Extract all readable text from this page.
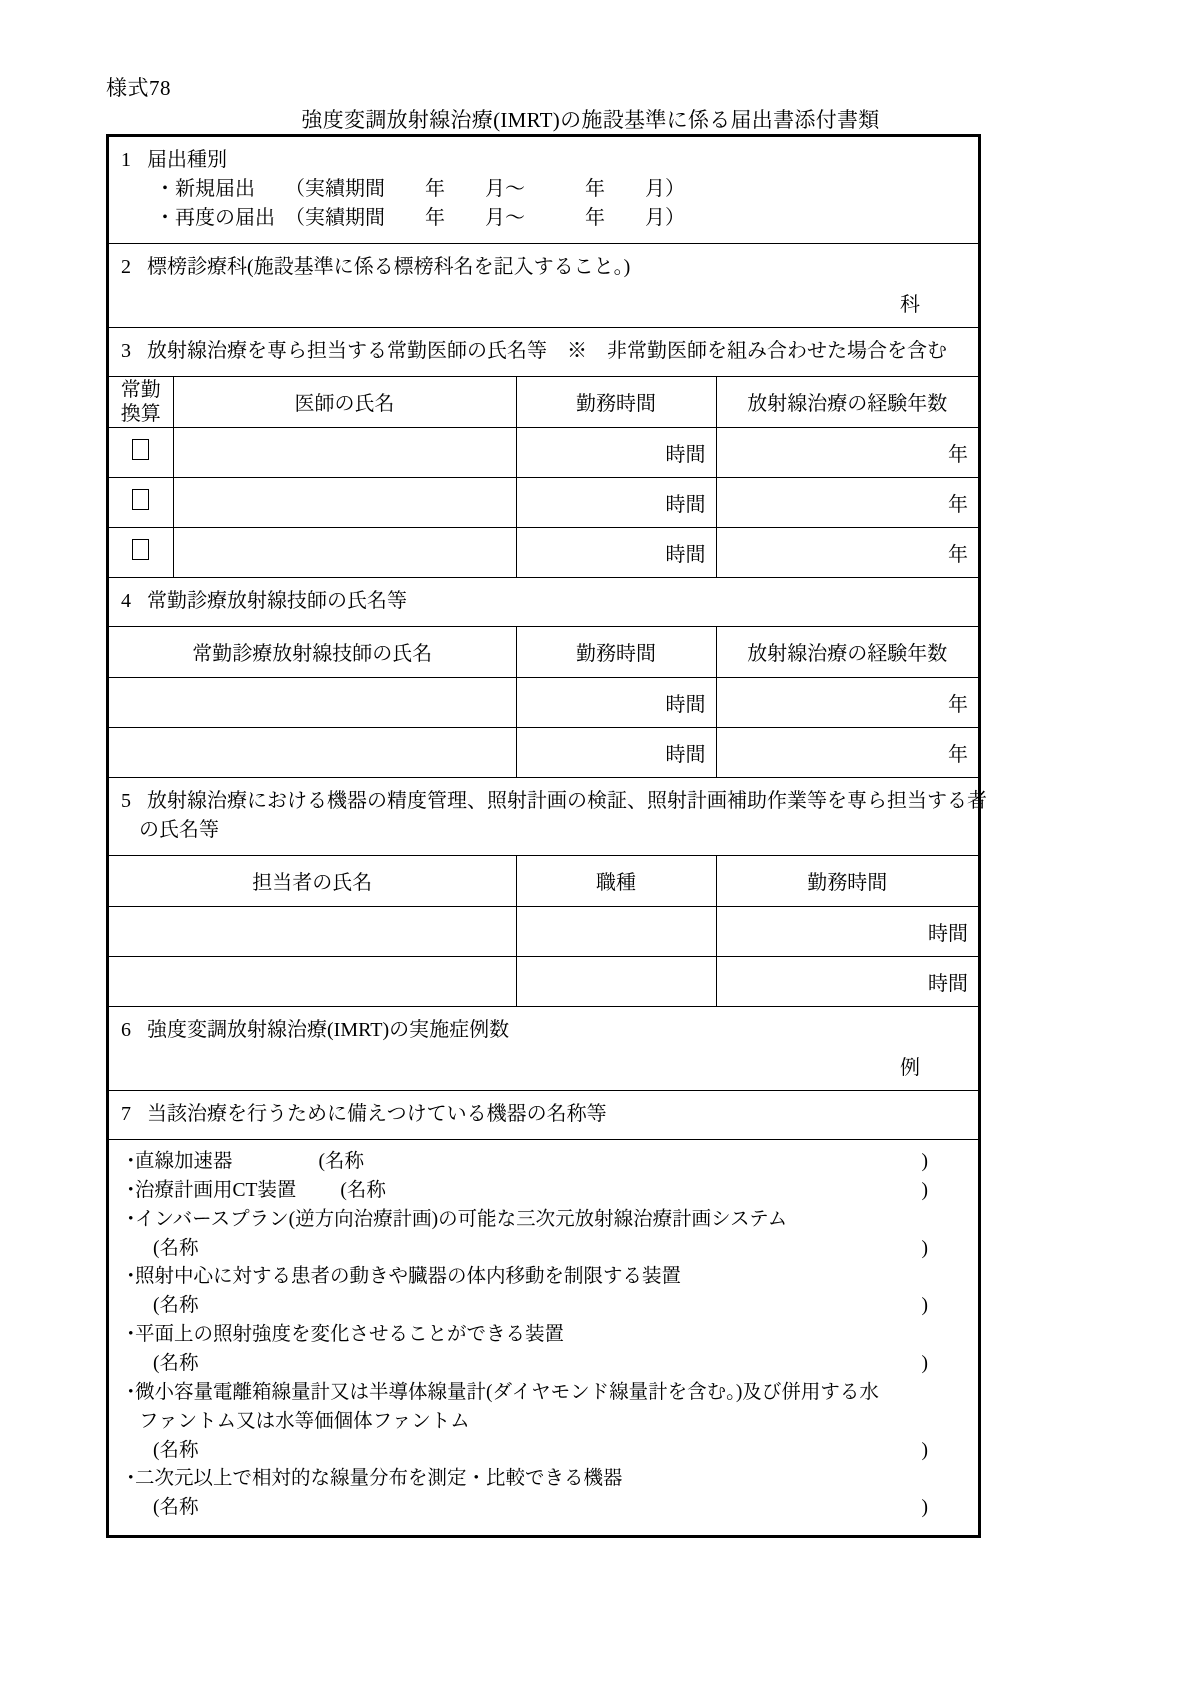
様式78
強度変調放射線治療(IMRT)の施設基準に係る届出書添付書類
1 届出種別
・新規届出　　（実績期間　　年　　月～　　　年　　月）
・再度の届出　（実績期間　　年　　月～　　　年　　月）
2 標榜診療科(施設基準に係る標榜科名を記入すること。)
科
3 放射線治療を専ら担当する常勤医師の氏名等　※　非常勤医師を組み合わせた場合を含む
常勤
換算	医師の氏名	勤務時間	放射線治療の経験年数
		時間	年
		時間	年
		時間	年
4 常勤診療放射線技師の氏名等
常勤診療放射線技師の氏名	勤務時間	放射線治療の経験年数
	時間	年
	時間	年
5 放射線治療における機器の精度管理、照射計画の検証、照射計画補助作業等を専ら担当する者
の氏名等
担当者の氏名	職種	勤務時間
		時間
		時間
6 強度変調放射線治療(IMRT)の実施症例数
例
7 当該治療を行うために備えつけている機器の名称等
・直線加速器	(名称	)
・治療計画用CT装置 (名称	)
・インバースプラン(逆方向治療計画)の可能な三次元放射線治療計画システム
(名称	)
・照射中心に対する患者の動きや臓器の体内移動を制限する装置
(名称	)
・平面上の照射強度を変化させることができる装置
(名称	)
・微小容量電離箱線量計又は半導体線量計(ダイヤモンド線量計を含む。)及び併用する水
ファントム又は水等価個体ファントム
(名称	)
・二次元以上で相対的な線量分布を測定・比較できる機器
(名称	)
